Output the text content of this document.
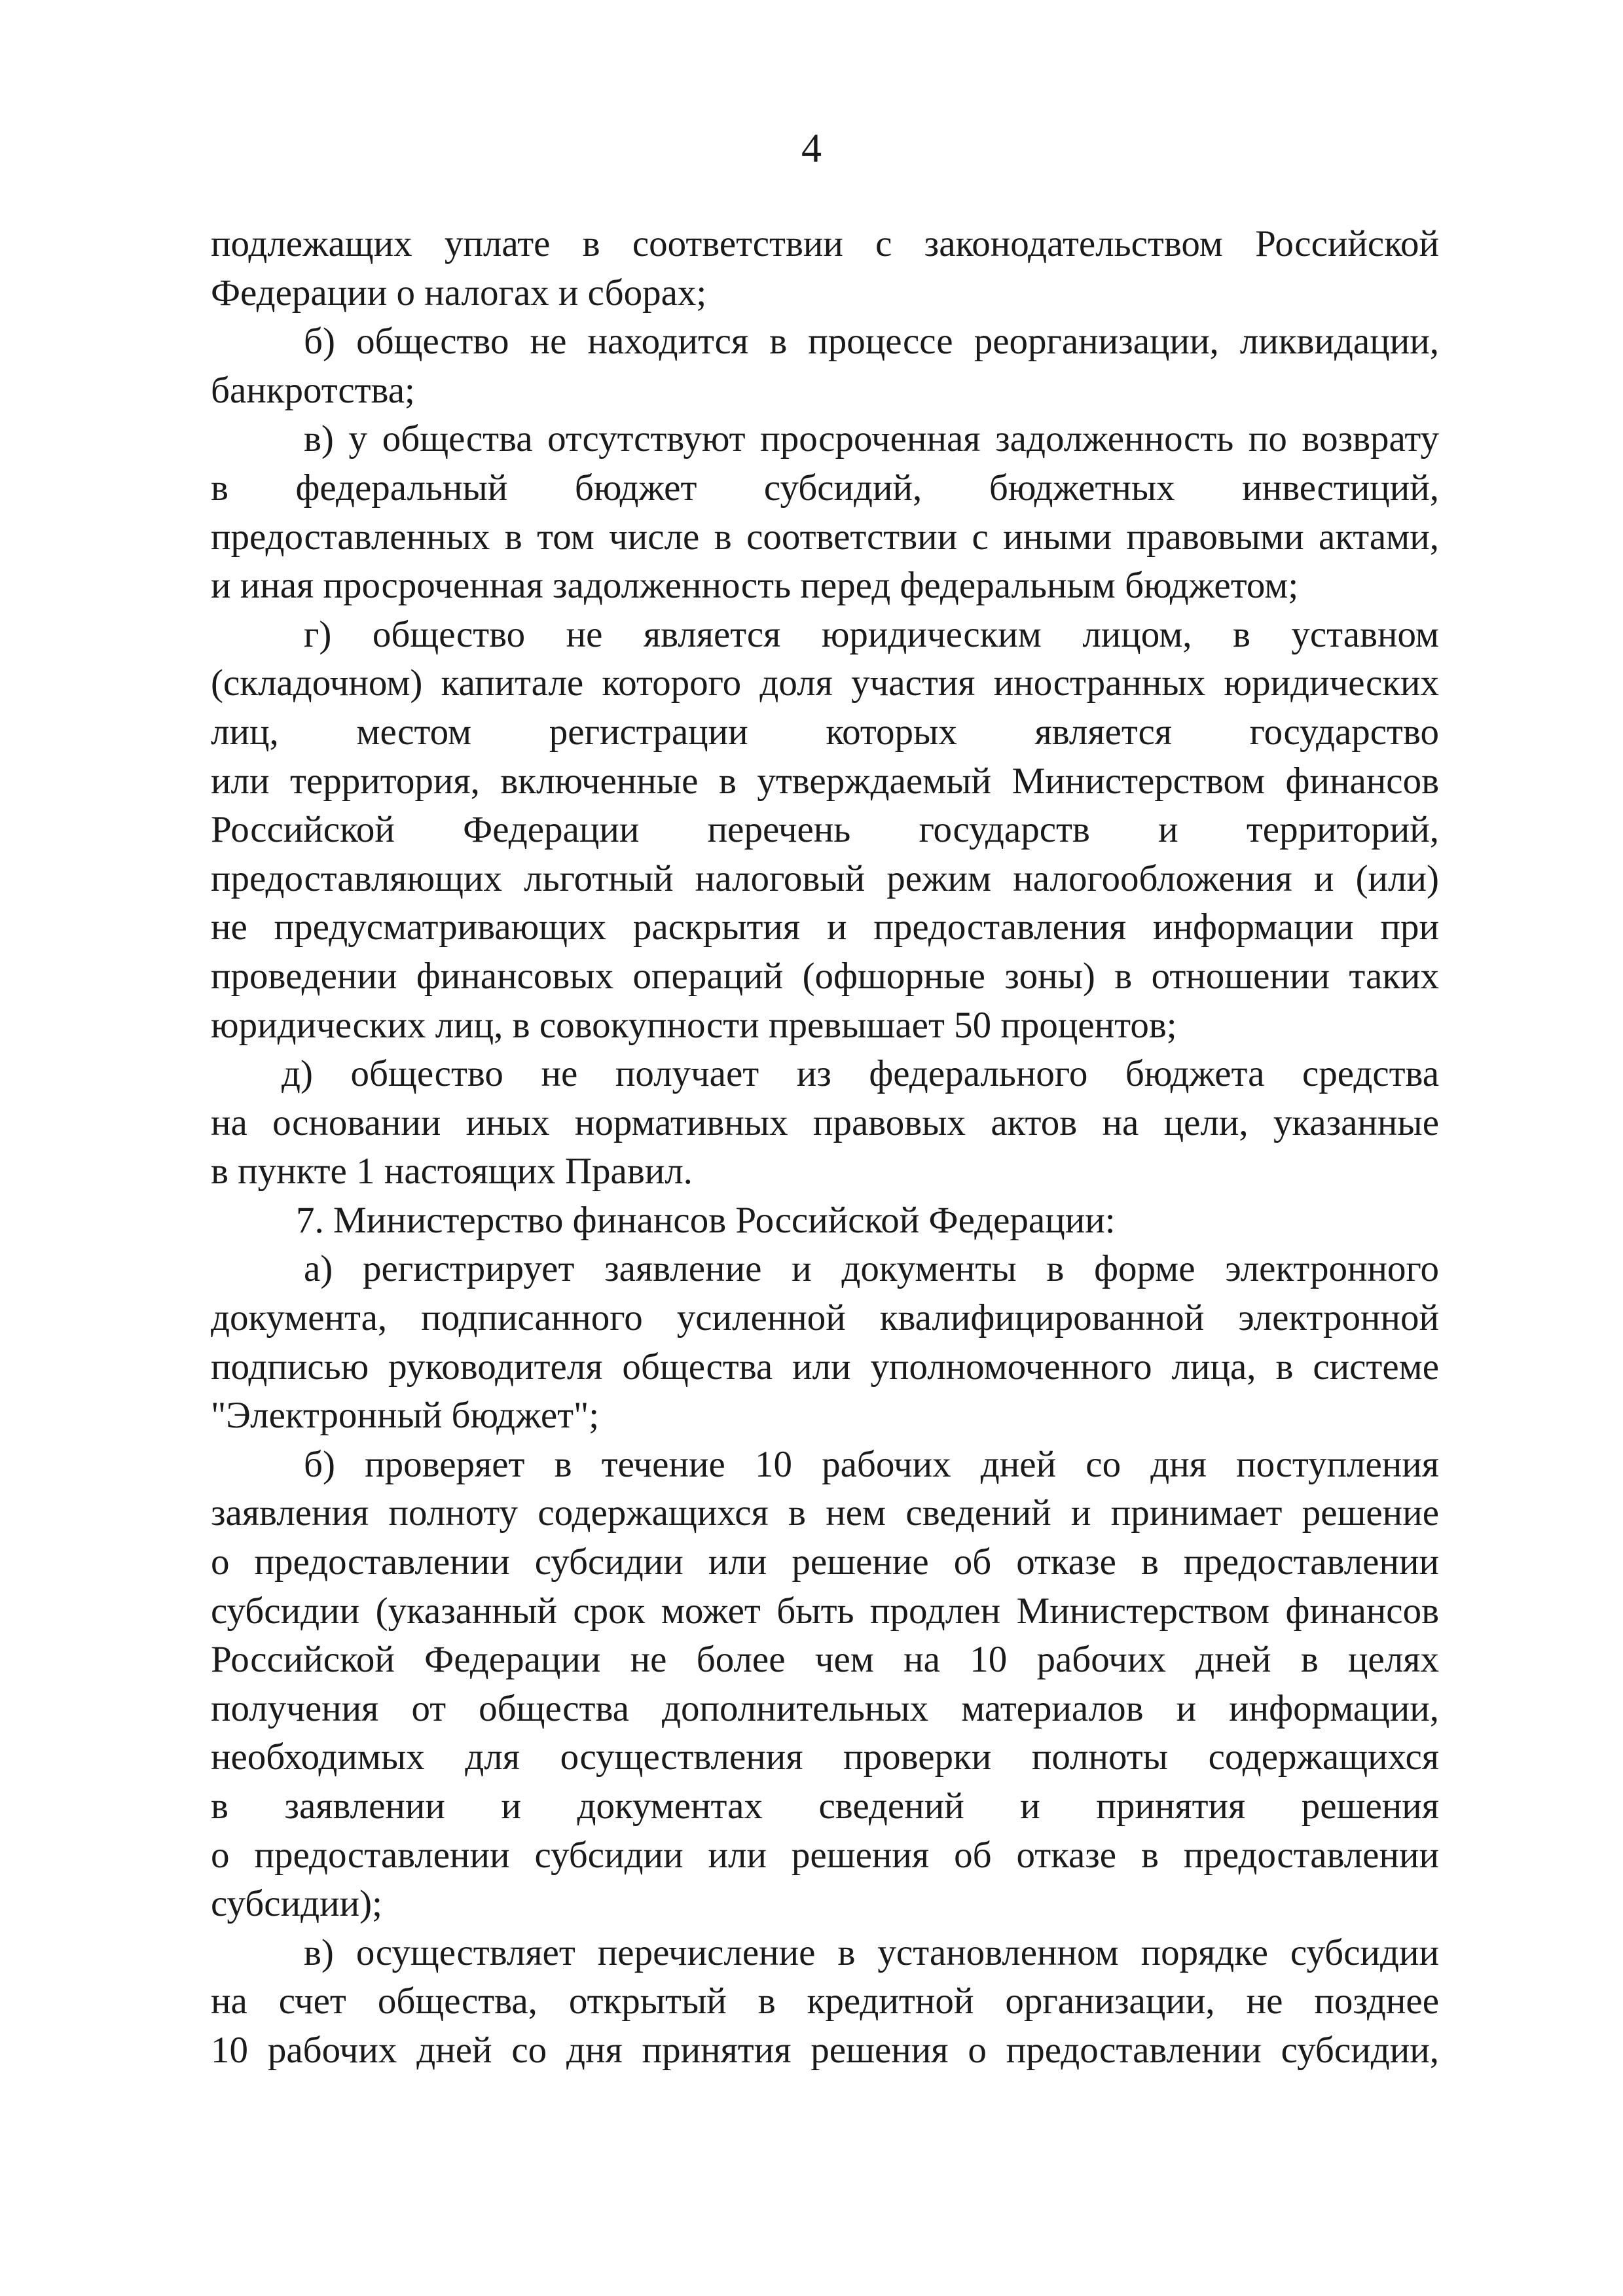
4
подлежащих уплате в соответствии с законодательством Российской
Федерации о налогах и сборах;
б) общество не находится в процессе реорганизации, ликвидации,
банкротства;
в) у общества отсутствуют просроченная задолженность по возврату
в федеральный бюджет субсидий, бюджетных инвестиций,
предоставленных в том числе в соответствии с иными правовыми актами,
и иная просроченная задолженность перед федеральным бюджетом;
г) общество не является юридическим лицом, в уставном
(складочном) капитале которого доля участия иностранных юридических
лиц, местом регистрации которых является государство
или территория, включенные в утверждаемый Министерством финансов
Российской Федерации перечень государств и территорий,
предоставляющих льготный налоговый режим налогообложения и (или)
не предусматривающих раскрытия и предоставления информации при
проведении финансовых операций (офшорные зоны) в отношении таких
юридических лиц, в совокупности превышает 50 процентов;
д) общество не получает из федерального бюджета средства
на основании иных нормативных правовых актов на цели, указанные
в пункте 1 настоящих Правил.
7. Министерство финансов Российской Федерации:
а) регистрирует заявление и документы в форме электронного
документа, подписанного усиленной квалифицированной электронной
подписью руководителя общества или уполномоченного лица, в системе
"Электронный бюджет";
б) проверяет в течение 10 рабочих дней со дня поступления
заявления полноту содержащихся в нем сведений и принимает решение
о предоставлении субсидии или решение об отказе в предоставлении
субсидии (указанный срок может быть продлен Министерством финансов
Российской Федерации не более чем на 10 рабочих дней в целях
получения от общества дополнительных материалов и информации,
необходимых для осуществления проверки полноты содержащихся
в заявлении и документах сведений и принятия решения
о предоставлении субсидии или решения об отказе в предоставлении
субсидии);
в) осуществляет перечисление в установленном порядке субсидии
на счет общества, открытый в кредитной организации, не позднее
10 рабочих дней со дня принятия решения о предоставлении субсидии,
